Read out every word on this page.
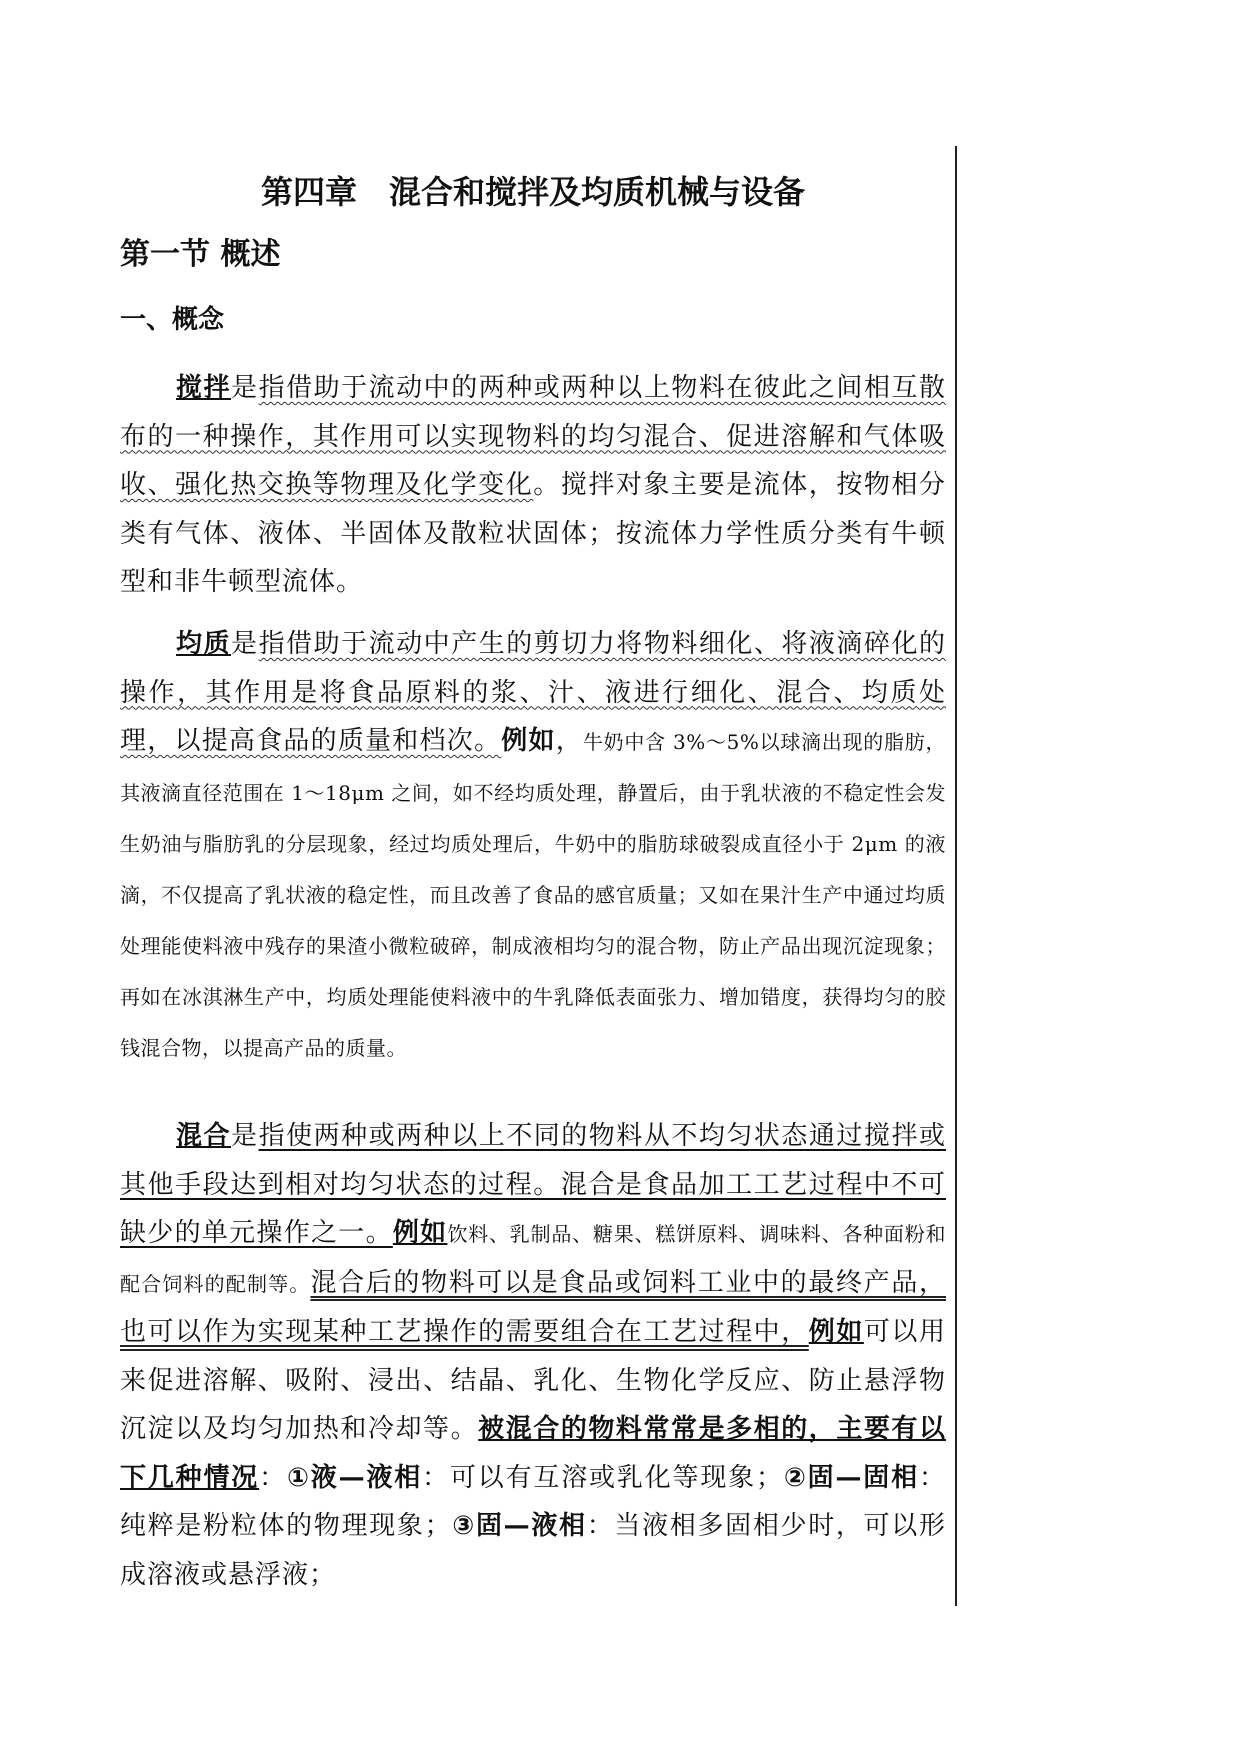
第四章　混合和搅拌及均质机械与设备
第一节 概述
一、概念

搅拌是指借助于流动中的两种或两种以上物料在彼此之间相互散布的一种操作，其作用可以实现物料的均匀混合、促进溶解和气体吸收、强化热交换等物理及化学变化。搅拌对象主要是流体，按物相分类有气体、液体、半固体及散粒状固体；按流体力学性质分类有牛顿型和非牛顿型流体。

均质是指借助于流动中产生的剪切力将物料细化、将液滴碎化的操作，其作用是将食品原料的浆、汁、液进行细化、混合、均质处理，以提高食品的质量和档次。例如，牛奶中含 3%～5%以球滴出现的脂肪，其液滴直径范围在 1～18μm 之间，如不经均质处理，静置后，由于乳状液的不稳定性会发生奶油与脂肪乳的分层现象，经过均质处理后，牛奶中的脂肪球破裂成直径小于 2μm 的液滴，不仅提高了乳状液的稳定性，而且改善了食品的感官质量；又如在果汁生产中通过均质处理能使料液中残存的果渣小微粒破碎，制成液相均匀的混合物，防止产品出现沉淀现象；再如在冰淇淋生产中，均质处理能使料液中的牛乳降低表面张力、增加错度，获得均匀的胶钱混合物，以提高产品的质量。

混合是指使两种或两种以上不同的物料从不均匀状态通过搅拌或其他手段达到相对均匀状态的过程。混合是食品加工工艺过程中不可缺少的单元操作之一。例如饮料、乳制品、糖果、糕饼原料、调味料、各种面粉和配合饲料的配制等。混合后的物料可以是食品或饲料工业中的最终产品，也可以作为实现某种工艺操作的需要组合在工艺过程中，例如可以用来促进溶解、吸附、浸出、结晶、乳化、生物化学反应、防止悬浮物沉淀以及均匀加热和冷却等。被混合的物料常常是多相的，主要有以下几种情况：①液—液相：可以有互溶或乳化等现象；②固—固相：纯粹是粉粒体的物理现象；③固—液相：当液相多固相少时，可以形成溶液或悬浮液；
